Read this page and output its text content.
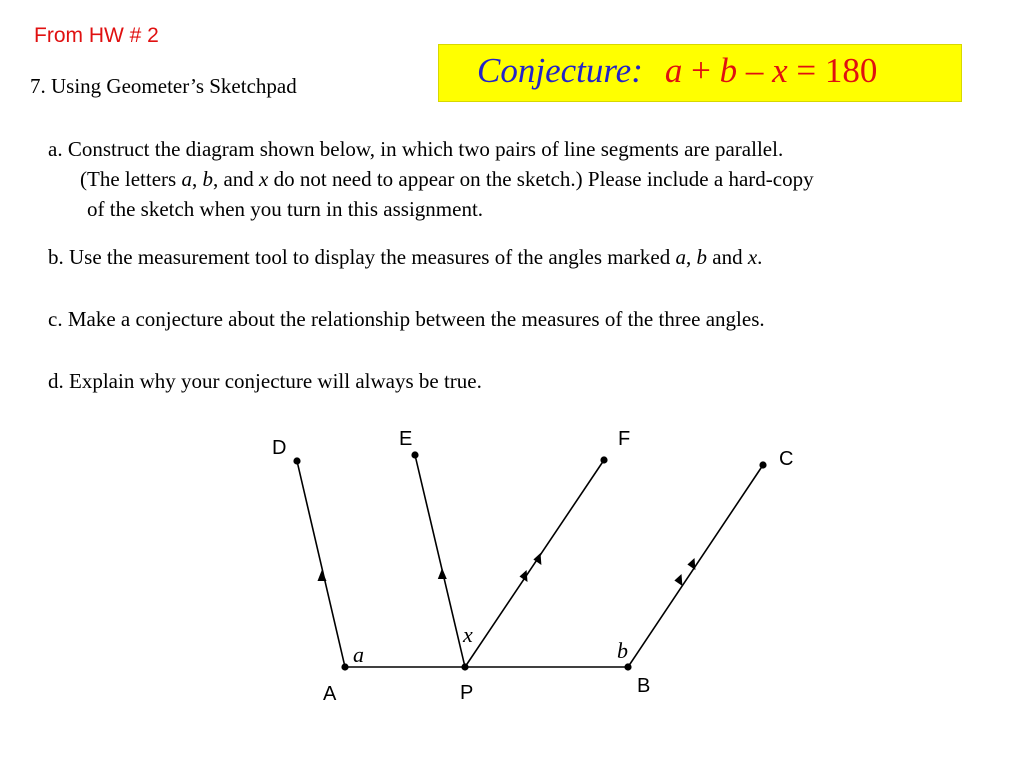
From HW # 2
7. Using Geometer’s Sketchpad	Conjecture: a + b – x = 180
a. Construct the diagram shown below, in which two pairs of line segments are parallel.
(The letters a, b, and x do not need to appear on the sketch.) Please include a hard-copy
of the sketch when you turn in this assignment.
b. Use the measurement tool to display the measures of the angles marked a, b and x.
c. Make a conjecture about the relationship between the measures of the three angles.
d. Explain why your conjecture will always be true.
D	E	F
C
A	P	B
a
x
b
